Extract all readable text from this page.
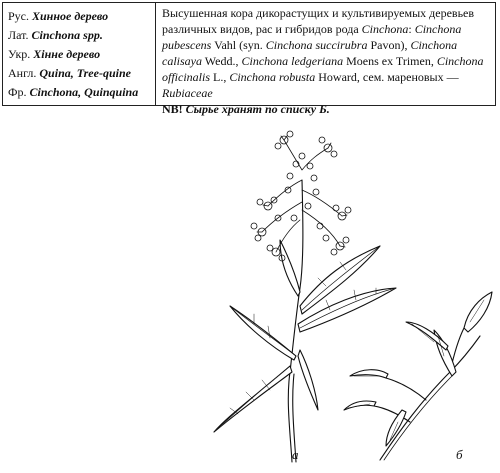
Рус. Хинное дерево
Лат. Cinchona spp.
Укр. Хінне дерево
Англ. Quina, Tree-quine
Фр. Cinchona, Quinquina
Высушенная кора дикорастущих и культивируемых деревьев различных видов, рас и гибридов рода Cinchona: Cinchona pubescens Vahl (syn. Cinchona succirubra Pavon), Cinchona calisaya Wedd., Cinchona ledgeriana Moens ex Trimen, Cinchona officinalis L., Cinchona robusta Howard, сем. мареновых — Rubiaceae
NB! Сырье хранят по списку Б.
а	б
